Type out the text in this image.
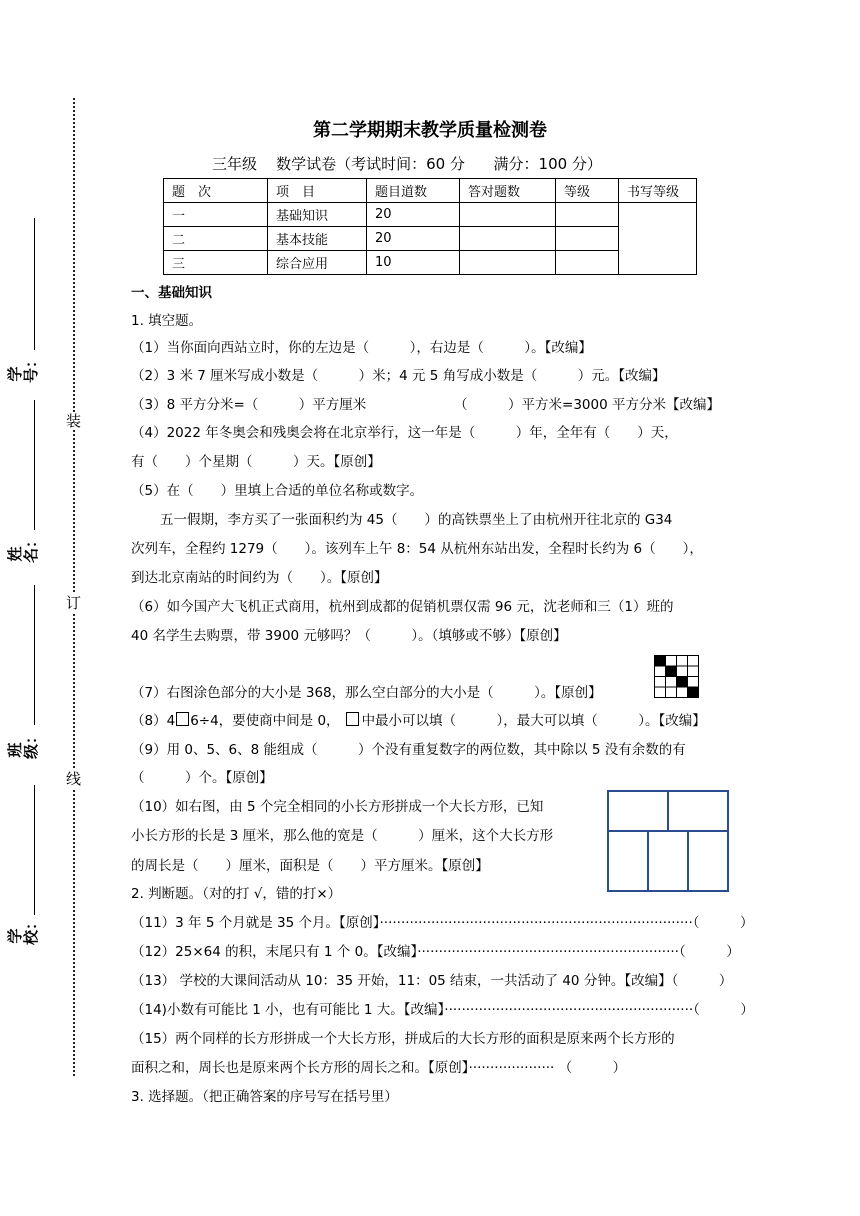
装
订
线
学号：
姓名：
班级：
学校：
第二学期期末教学质量检测卷
三年级    数学试卷（考试时间：60 分      满分：100 分）
题　次	项　目	题目道数	答对题数	等级	书写等级
一	基础知识	20			
二	基本技能	20			
三	综合应用	10			
一、基础知识
1. 填空题。
（1）当你面向西站立时，你的左边是（　　　），右边是（　　　）。【改编】
（2）3 米 7 厘米写成小数是（　　　）米；4 元 5 角写成小数是（　　　）元。【改编】
（3）8 平方分米=（　　　）平方厘米　　　　　　　（　　　）平方米=3000 平方分米【改编】
（4）2022 年冬奥会和残奥会将在北京举行，这一年是（　　　）年，全年有（　　）天，
有（　　）个星期（　　　）天。【原创】
（5）在（　　）里填上合适的单位名称或数字。
五一假期，李方买了一张面积约为 45（　　）的高铁票坐上了由杭州开往北京的 G34
次列车，全程约 1279（　　）。该列车上午 8：54 从杭州东站出发，全程时长约为 6（　　），
到达北京南站的时间约为（　　）。【原创】
（6）如今国产大飞机正式商用，杭州到成都的促销机票仅需 96 元，沈老师和三（1）班的
40 名学生去购票，带 3900 元够吗？（　　　）。（填够或不够）【原创】
（7）右图涂色部分的大小是 368，那么空白部分的大小是（　　　）。【原创】
（8）4 6÷4，要使商中间是 0， 中最小可以填（　　　），最大可以填（　　　）。【改编】
（9）用 0、5、6、8 能组成（　　　）个没有重复数字的两位数，其中除以 5 没有余数的有
（　　　）个。【原创】
（10）如右图，由 5 个完全相同的小长方形拼成一个大长方形，已知
小长方形的长是 3 厘米，那么他的宽是（　　　）厘米，这个大长方形
的周长是（　　）厘米，面积是（　　）平方厘米。【原创】
2. 判断题。（对的打 √，错的打×）
（11）3 年 5 个月就是 35 个月。【原创】·········································································（　　　）
（12）25×64 的积，末尾只有 1 个 0。【改编】·····························································（　　　）
（13） 学校的大课间活动从 10：35 开始，11：05 结束，一共活动了 40 分钟。【改编】（　　　）
（14)小数有可能比 1 小，也有可能比 1 大。【改编】··························································（　　　）
（15）两个同样的长方形拼成一个大长方形，拼成后的大长方形的面积是原来两个长方形的
面积之和，周长也是原来两个长方形的周长之和。【原创】···················· （　　　）
3. 选择题。（把正确答案的序号写在括号里）
